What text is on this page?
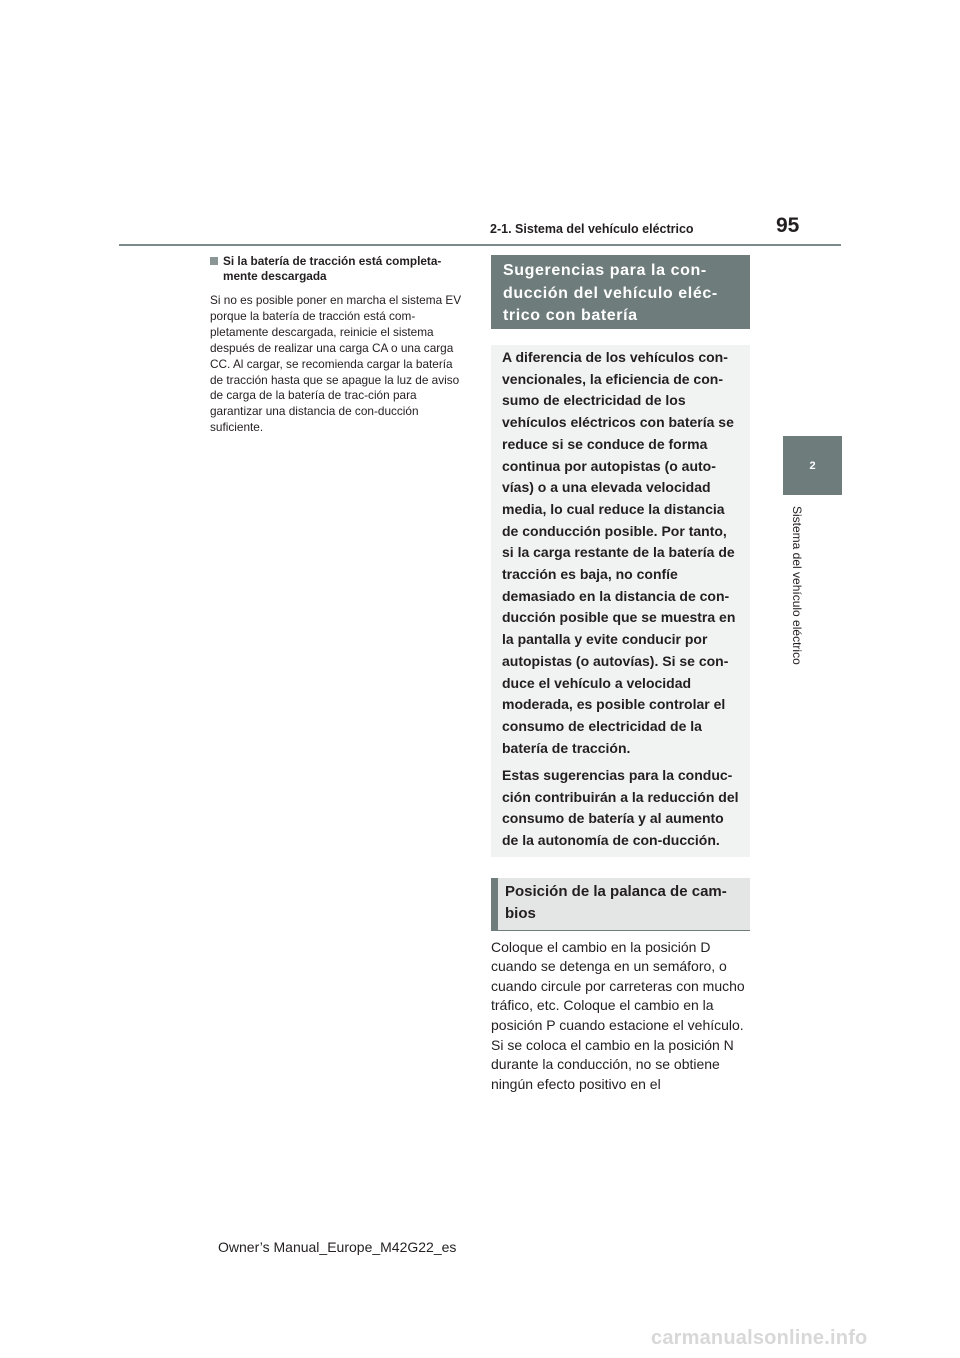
2-1. Sistema del vehículo eléctrico	95
2
Sistema del vehículo eléctrico
Si la batería de tracción está completa-mente descargada
Si no es posible poner en marcha el sistema EV porque la batería de tracción está com-pletamente descargada, reinicie el sistema después de realizar una carga CA o una carga CC. Al cargar, se recomienda cargar la batería de tracción hasta que se apague la luz de aviso de carga de la batería de trac-ción para garantizar una distancia de con-ducción suficiente.
Sugerencias para la con-ducción del vehículo eléc-trico con batería

A diferencia de los vehículos con-vencionales, la eficiencia de con-sumo de electricidad de los vehículos eléctricos con batería se reduce si se conduce de forma continua por autopistas (o auto-vías) o a una elevada velocidad media, lo cual reduce la distancia de conducción posible. Por tanto, si la carga restante de la batería de tracción es baja, no confíe demasiado en la distancia de con-ducción posible que se muestra en la pantalla y evite conducir por autopistas (o autovías). Si se con-duce el vehículo a velocidad moderada, es posible controlar el consumo de electricidad de la batería de tracción.

Estas sugerencias para la conduc-ción contribuirán a la reducción del consumo de batería y al aumento de la autonomía de con-ducción.

Posición de la palanca de cam-bios
Coloque el cambio en la posición D cuando se detenga en un semáforo, o cuando circule por carreteras con mucho tráfico, etc. Coloque el cambio en la posición P cuando estacione el vehículo. Si se coloca el cambio en la posición N durante la conducción, no se obtiene ningún efecto positivo en el
Owner’s Manual_Europe_M42G22_es
carmanualsonline.info
